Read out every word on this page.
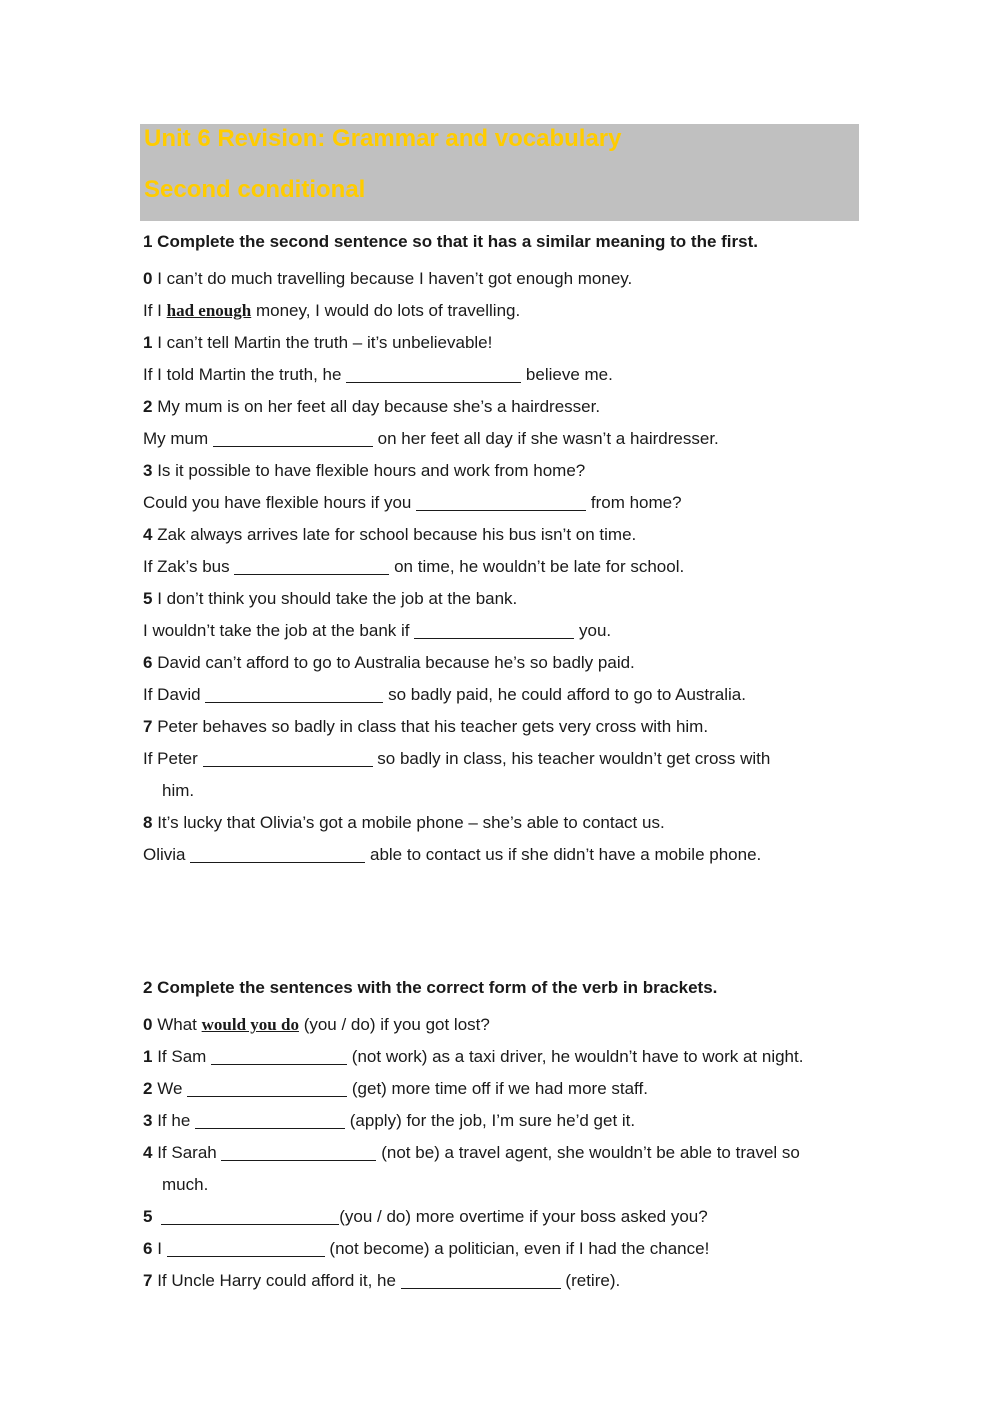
Unit 6 Revision: Grammar and vocabulary
Second conditional
1 Complete the second sentence so that it has a similar meaning to the first.
0 I can’t do much travelling because I haven’t got enough money.
If I had enough money, I would do lots of travelling.
1 I can’t tell Martin the truth – it’s unbelievable!
If I told Martin the truth, he	believe me.
2 My mum is on her feet all day because she’s a hairdresser.
My mum	on her feet all day if she wasn’t a hairdresser.
3 Is it possible to have flexible hours and work from home?
Could you have flexible hours if you	from home?
4 Zak always arrives late for school because his bus isn’t on time.
If Zak’s bus	on time, he wouldn’t be late for school.
5 I don’t think you should take the job at the bank.
I wouldn’t take the job at the bank if	you.
6 David can’t afford to go to Australia because he’s so badly paid.
If David	so badly paid, he could afford to go to Australia.
7 Peter behaves so badly in class that his teacher gets very cross with him.
If Peter	so badly in class, his teacher wouldn’t get cross with
him.
8 It’s lucky that Olivia’s got a mobile phone – she’s able to contact us.
Olivia	able to contact us if she didn’t have a mobile phone.
2 Complete the sentences with the correct form of the verb in brackets.
0 What would you do (you / do) if you got lost?
1 If Sam	(not work) as a taxi driver, he wouldn’t have to work at night.
2 We	(get) more time off if we had more staff.
3 If he	(apply) for the job, I’m sure he’d get it.
4 If Sarah	(not be) a travel agent, she wouldn’t be able to travel so
much.
5	(you / do) more overtime if your boss asked you?
6 I	(not become) a politician, even if I had the chance!
7 If Uncle Harry could afford it, he	(retire).
